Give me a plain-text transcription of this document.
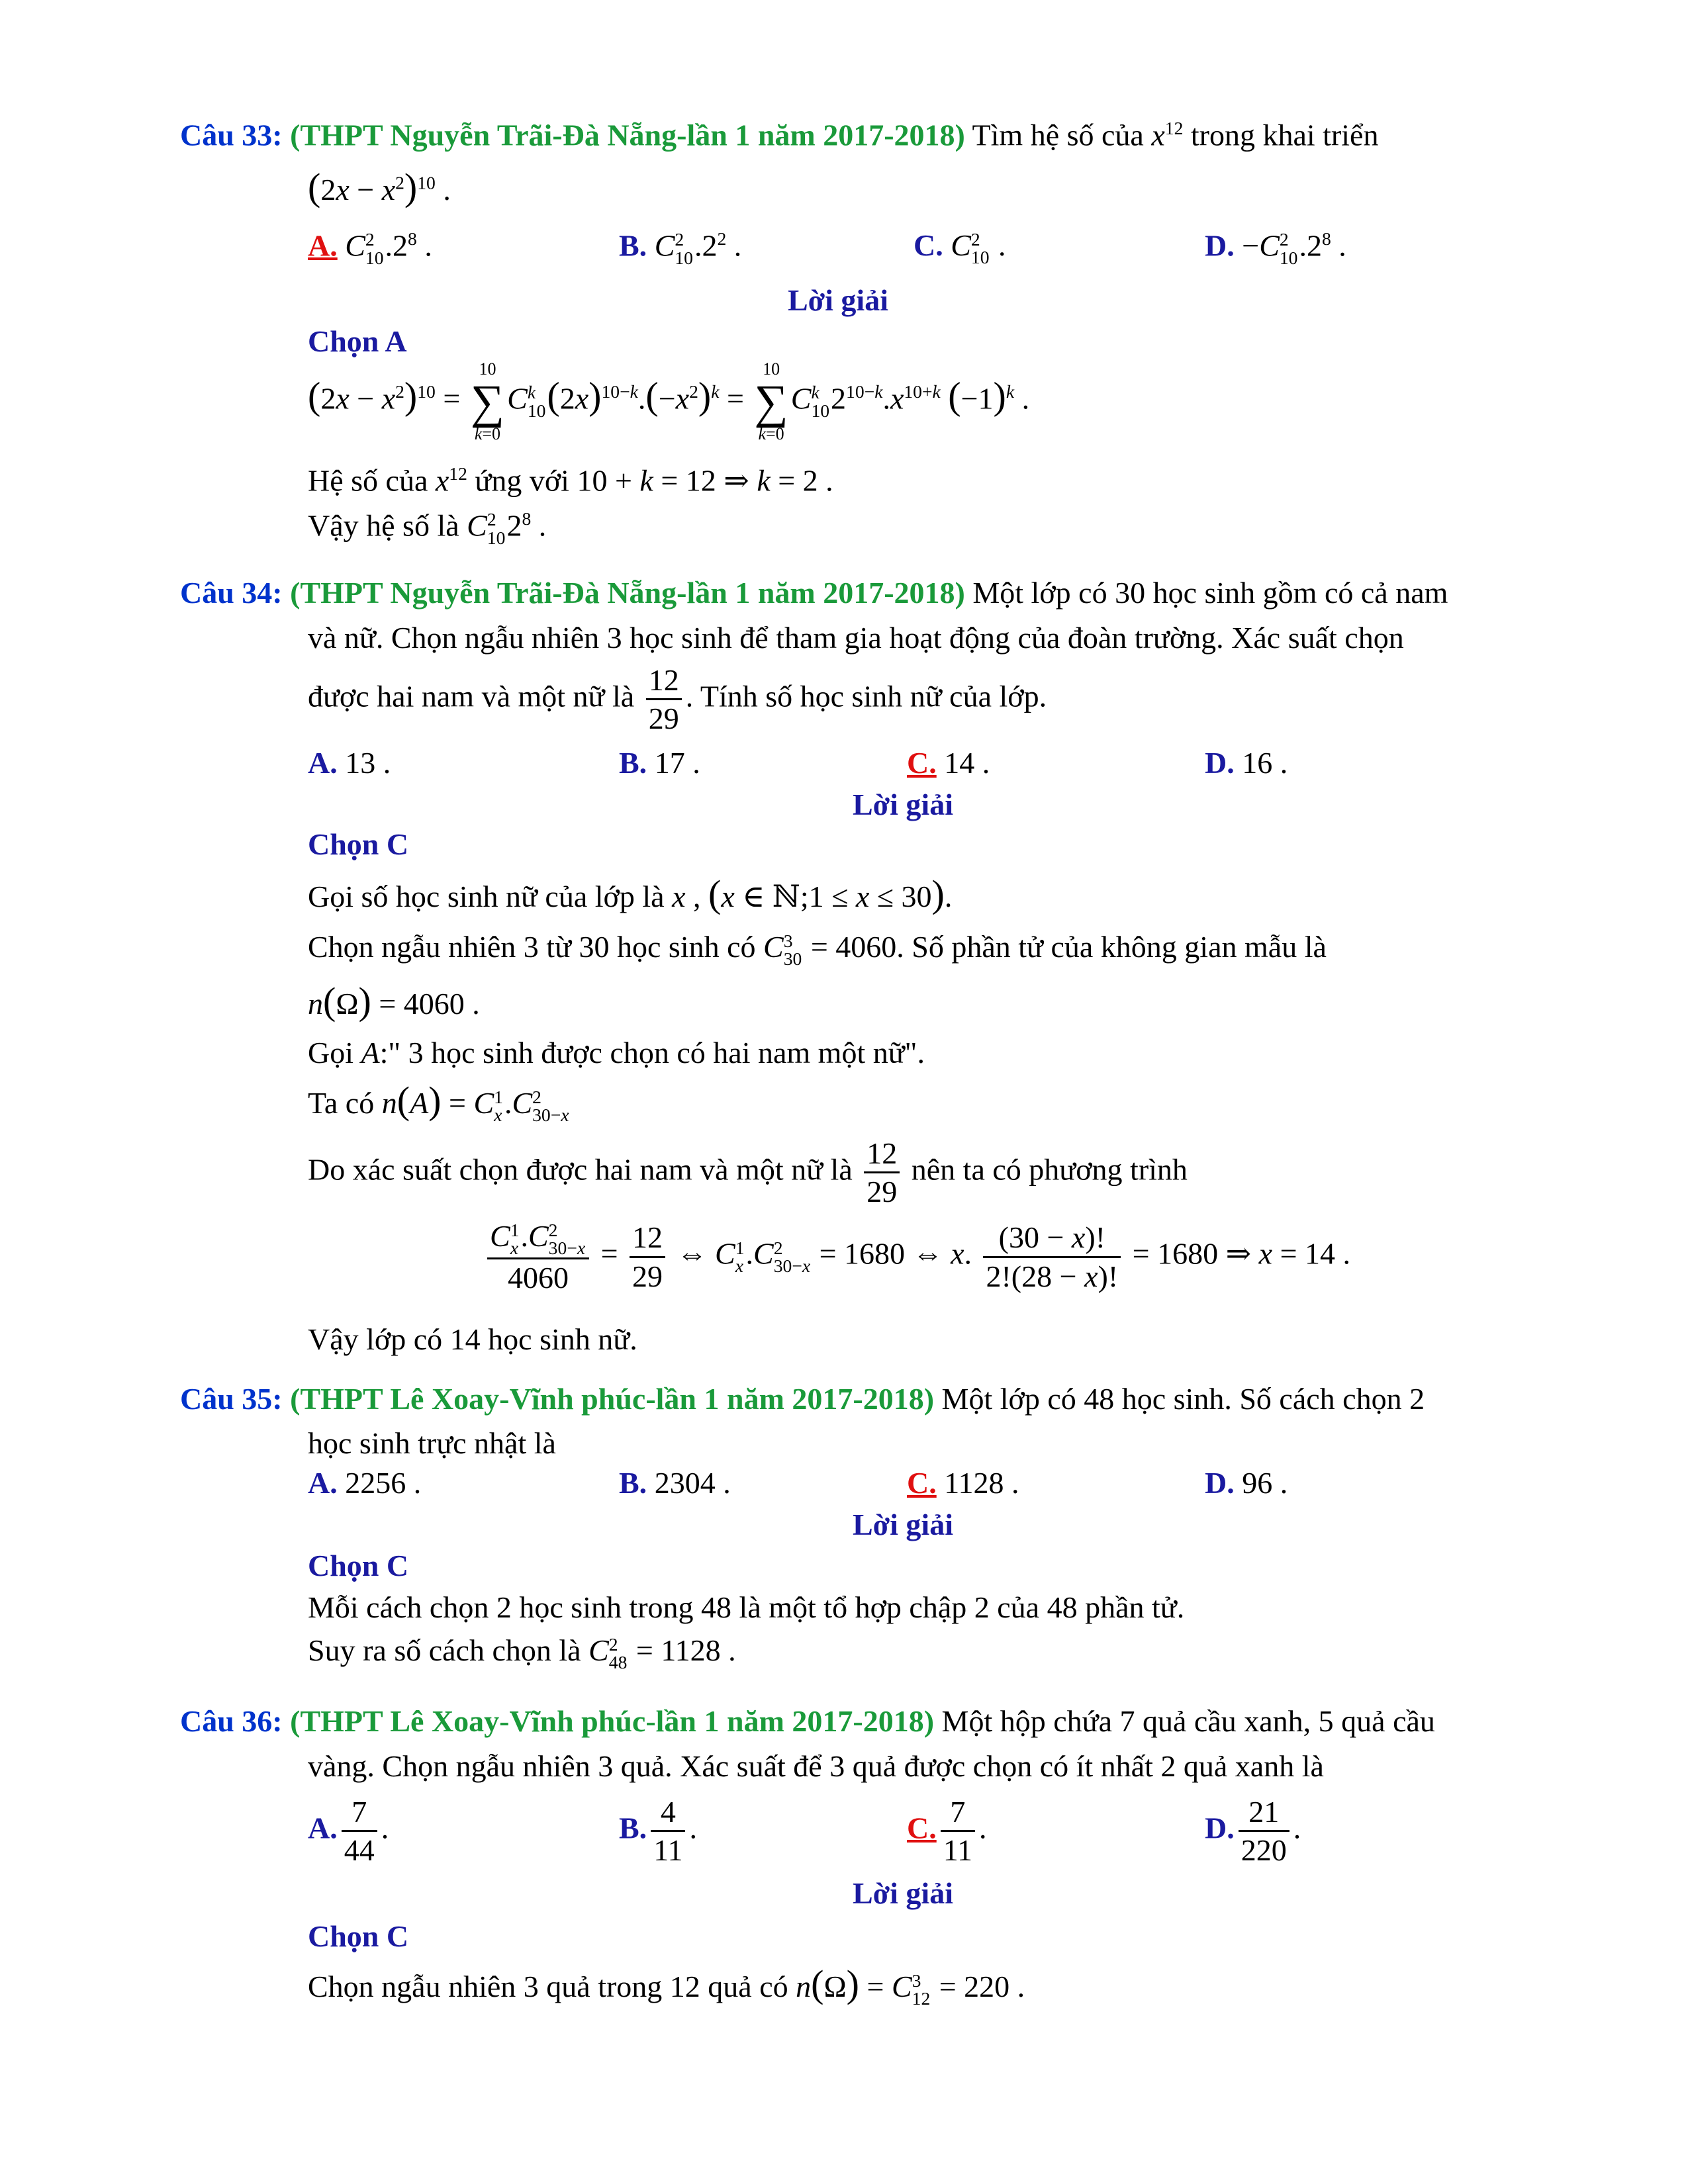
Câu 33: (THPT Nguyễn Trãi-Đà Nẵng-lần 1 năm 2017-2018) Tìm hệ số của $x^{12}$ trong khai triển
$(2x - x^2)^{10}$ .
A. C 2
10 $.2^8$ .	B. C 2
10 $.2^2$ .	C. C 2
10 .	D. −C 2
10 $.2^8$ .
Lời giải
Chọn A
$(2x - x^2)^{10}$ =
10
∑
k=0
C k
10 $(2x)^{10-k}.(-x^2)^k$ =
10
∑
k=0
C k
10 $2^{10-k}.x^{10+k}$ $(-1)^k$ .
Hệ số của $x^{12}$ ứng với 10 + k = 12 ⇒ k = 2 .
Vậy hệ số là C 2
10 $2^8$ .
Câu 34: (THPT Nguyễn Trãi-Đà Nẵng-lần 1 năm 2017-2018) Một lớp có 30 học sinh gồm có cả nam
và nữ. Chọn ngẫu nhiên 3 học sinh để tham gia hoạt động của đoàn trường. Xác suất chọn
được hai nam và một nữ là $\frac{12}{29}$ . Tính số học sinh nữ của lớp.
A. 13 .	B. 17 .	C. 14 .	D. 16 .
Lời giải
Chọn C
Gọi số học sinh nữ của lớp là x , (x ∈ ℕ;1 ≤ x ≤ 30).
Chọn ngẫu nhiên 3 từ 30 học sinh có C 3
30 = 4060. Số phần tử của không gian mẫu là
n(Ω) = 4060 .
Gọi A:" 3 học sinh được chọn có hai nam một nữ".
Ta có n(A) = C 1
x .C 2
30−x
Do xác suất chọn được hai nam và một nữ là $\frac{12}{29}$ nên ta có phương trình
C 1
x .C 2
30−x
$4060 = \frac{12}{29}$ ⇔ C 1
x .C 2
30−x = 1680 ⇔ x. $\frac{(30 - x)!}{2!(28 - x)!} = 1680$ ⇒ x = 14 .
Vậy lớp có 14 học sinh nữ.
Câu 35: (THPT Lê Xoay-Vĩnh phúc-lần 1 năm 2017-2018) Một lớp có 48 học sinh. Số cách chọn 2
học sinh trực nhật là
A. 2256 .	B. 2304 .	C. 1128 .	D. 96 .
Lời giải
Chọn C
Mỗi cách chọn 2 học sinh trong 48 là một tổ hợp chập 2 của 48 phần tử.
Suy ra số cách chọn là C 2
48 = 1128 .
Câu 36: (THPT Lê Xoay-Vĩnh phúc-lần 1 năm 2017-2018) Một hộp chứa 7 quả cầu xanh, 5 quả cầu
vàng. Chọn ngẫu nhiên 3 quả. Xác suất để 3 quả được chọn có ít nhất 2 quả xanh là
A. $\frac{7}{44}$ .	B. $\frac{4}{11}$ .	C. $\frac{7}{11}$ .	D. $\frac{21}{220}$ .
Lời giải
Chọn C
Chọn ngẫu nhiên 3 quả trong 12 quả có n(Ω) = C 3
12 = 220 .
